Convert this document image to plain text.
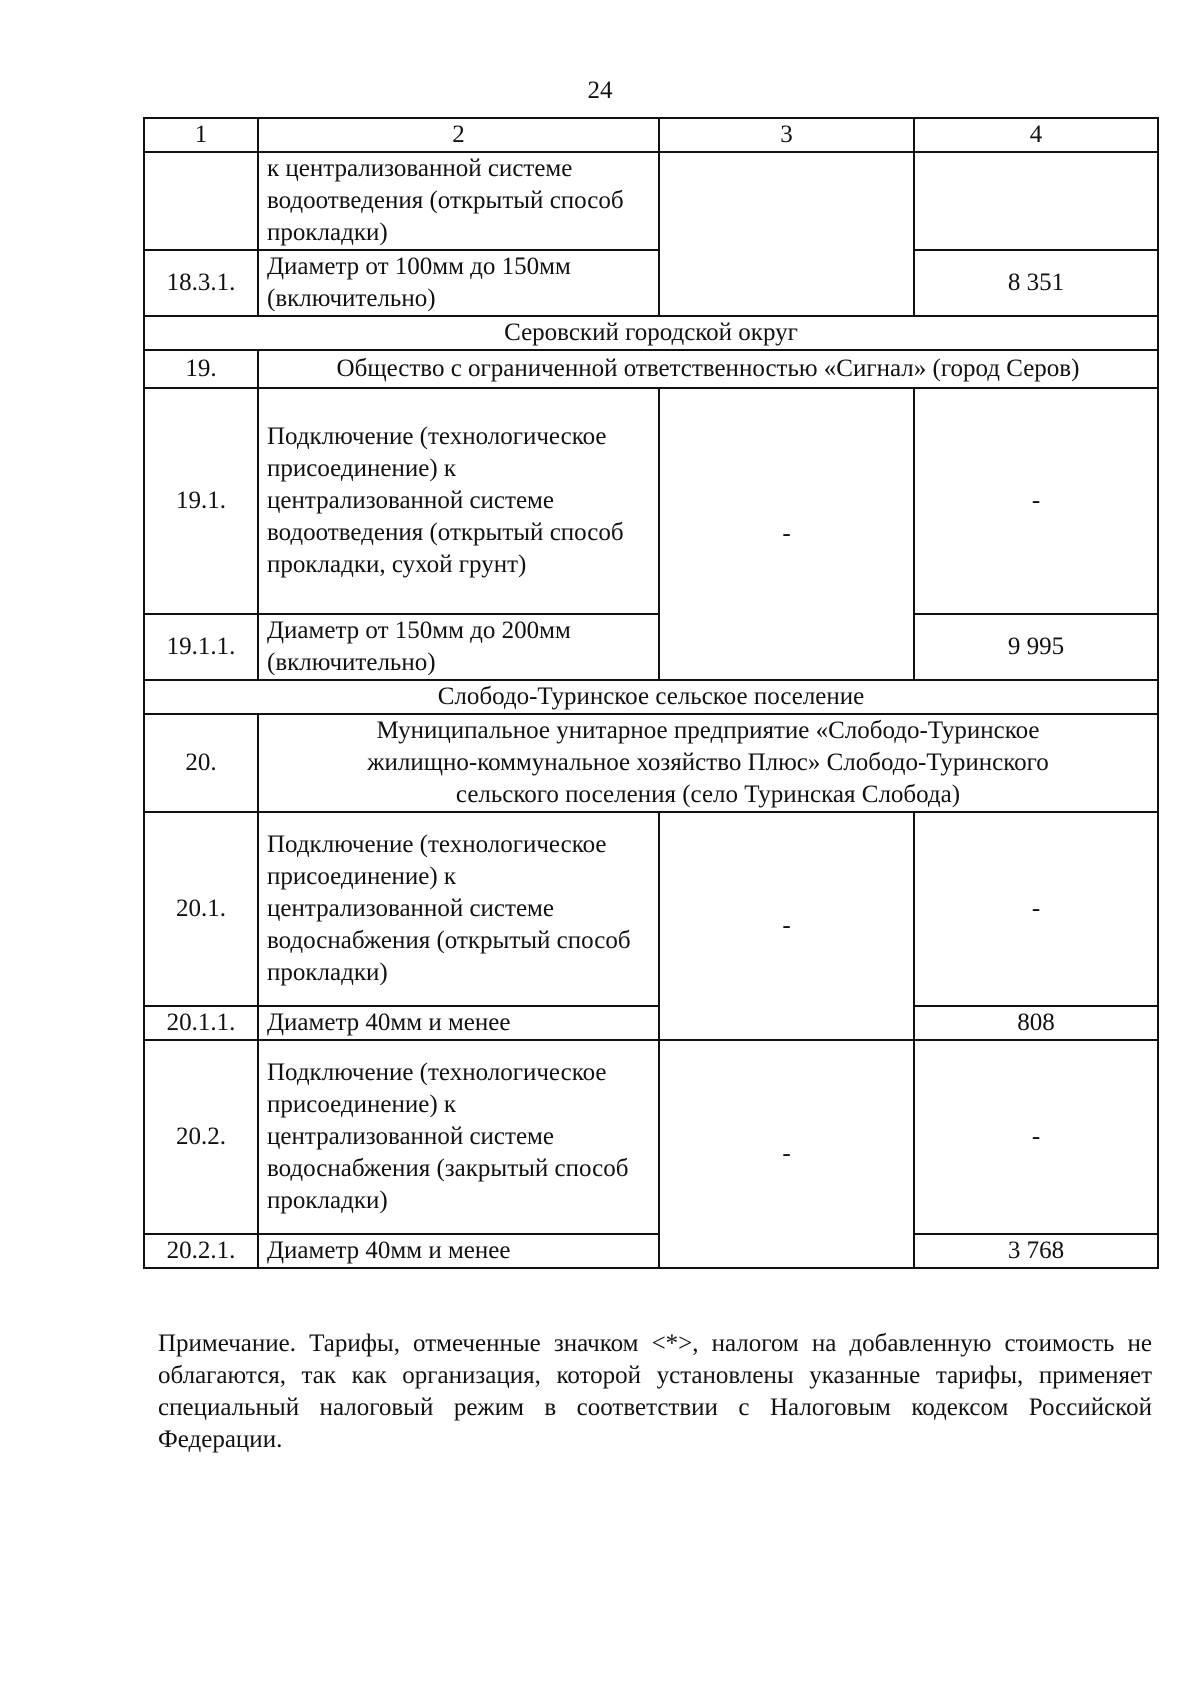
24
1	2	3	4
	к централизованной системе водоотведения (открытый способ прокладки)		
18.3.1.	Диаметр от 100мм до 150мм (включительно)		8 351
Серовский городской округ			
19.	Общество с ограниченной ответственностью «Сигнал» (город Серов)		
19.1.	Подключение (технологическое присоединение) к централизованной системе водоотведения (открытый способ прокладки, сухой грунт)	-	-
19.1.1.	Диаметр от 150мм до 200мм (включительно)		9 995
Слободо-Туринское сельское поселение			
20.	Муниципальное унитарное предприятие «Слободо-Туринское жилищно-коммунальное хозяйство Плюс» Слободо-Туринского сельского поселения (село Туринская Слобода)		
20.1.	Подключение (технологическое присоединение) к централизованной системе водоснабжения (открытый способ прокладки)	-	-
20.1.1.	Диаметр 40мм и менее		808
20.2.	Подключение (технологическое присоединение) к централизованной системе водоснабжения (закрытый способ прокладки)	-	-
20.2.1.	Диаметр 40мм и менее		3 768
Примечание. Тарифы, отмеченные значком <*>, налогом на добавленную стоимость не облагаются, так как организация, которой установлены указанные тарифы, применяет специальный налоговый режим в соответствии с Налоговым кодексом Российской Федерации.
